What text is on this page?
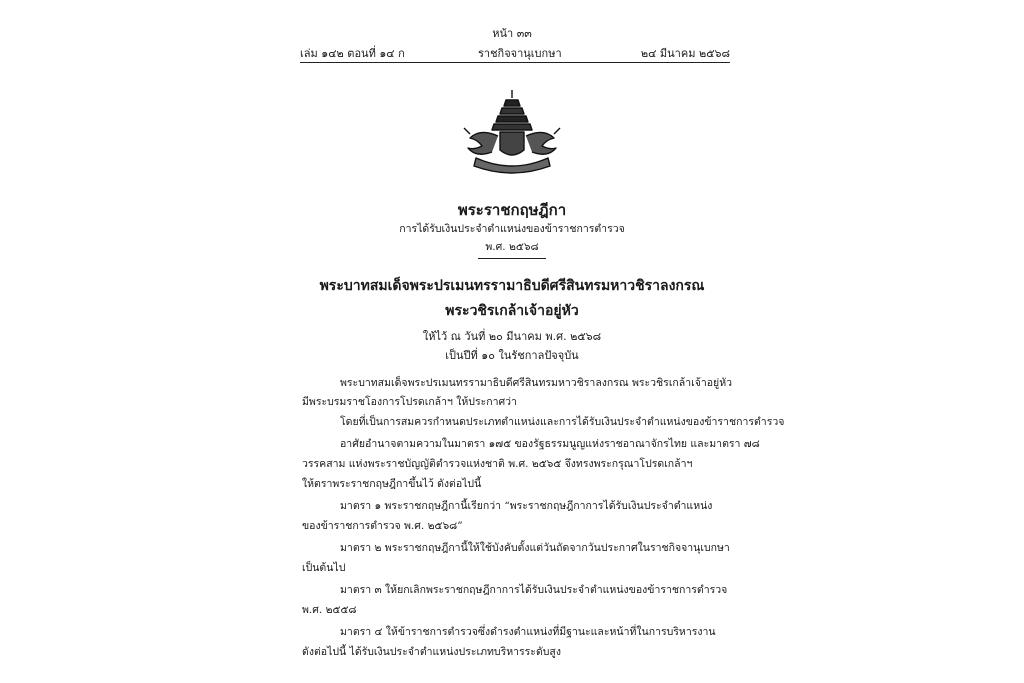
หน้า ๓๓
เล่ม ๑๔๒ ตอนที่ ๑๔ ก	ราชกิจจานุเบกษา	๒๔ มีนาคม ๒๕๖๘
พระราชกฤษฎีกา
การได้รับเงินประจำตำแหน่งของข้าราชการตำรวจ
พ.ศ. ๒๕๖๘
พระบาทสมเด็จพระปรเมนทรรามาธิบดีศรีสินทรมหาวชิราลงกรณ
พระวชิรเกล้าเจ้าอยู่หัว
ให้ไว้ ณ วันที่ ๒๐ มีนาคม พ.ศ. ๒๕๖๘
เป็นปีที่ ๑๐ ในรัชกาลปัจจุบัน
พระบาทสมเด็จพระปรเมนทรรามาธิบดีศรีสินทรมหาวชิราลงกรณ พระวชิรเกล้าเจ้าอยู่หัว
มีพระบรมราชโองการโปรดเกล้าฯ ให้ประกาศว่า
โดยที่เป็นการสมควรกำหนดประเภทตำแหน่งและการได้รับเงินประจำตำแหน่งของข้าราชการตำรวจ
อาศัยอำนาจตามความในมาตรา ๑๗๕ ของรัฐธรรมนูญแห่งราชอาณาจักรไทย และมาตรา ๗๘
วรรคสาม แห่งพระราชบัญญัติตำรวจแห่งชาติ พ.ศ. ๒๕๖๕ จึงทรงพระกรุณาโปรดเกล้าฯ
ให้ตราพระราชกฤษฎีกาขึ้นไว้ ดังต่อไปนี้
มาตรา ๑ พระราชกฤษฎีกานี้เรียกว่า “พระราชกฤษฎีกาการได้รับเงินประจำตำแหน่ง
ของข้าราชการตำรวจ พ.ศ. ๒๕๖๘”
มาตรา ๒ พระราชกฤษฎีกานี้ให้ใช้บังคับตั้งแต่วันถัดจากวันประกาศในราชกิจจานุเบกษา
เป็นต้นไป
มาตรา ๓ ให้ยกเลิกพระราชกฤษฎีกาการได้รับเงินประจำตำแหน่งของข้าราชการตำรวจ
พ.ศ. ๒๕๕๘
มาตรา ๔ ให้ข้าราชการตำรวจซึ่งดำรงตำแหน่งที่มีฐานะและหน้าที่ในการบริหารงาน
ดังต่อไปนี้ ได้รับเงินประจำตำแหน่งประเภทบริหารระดับสูง
